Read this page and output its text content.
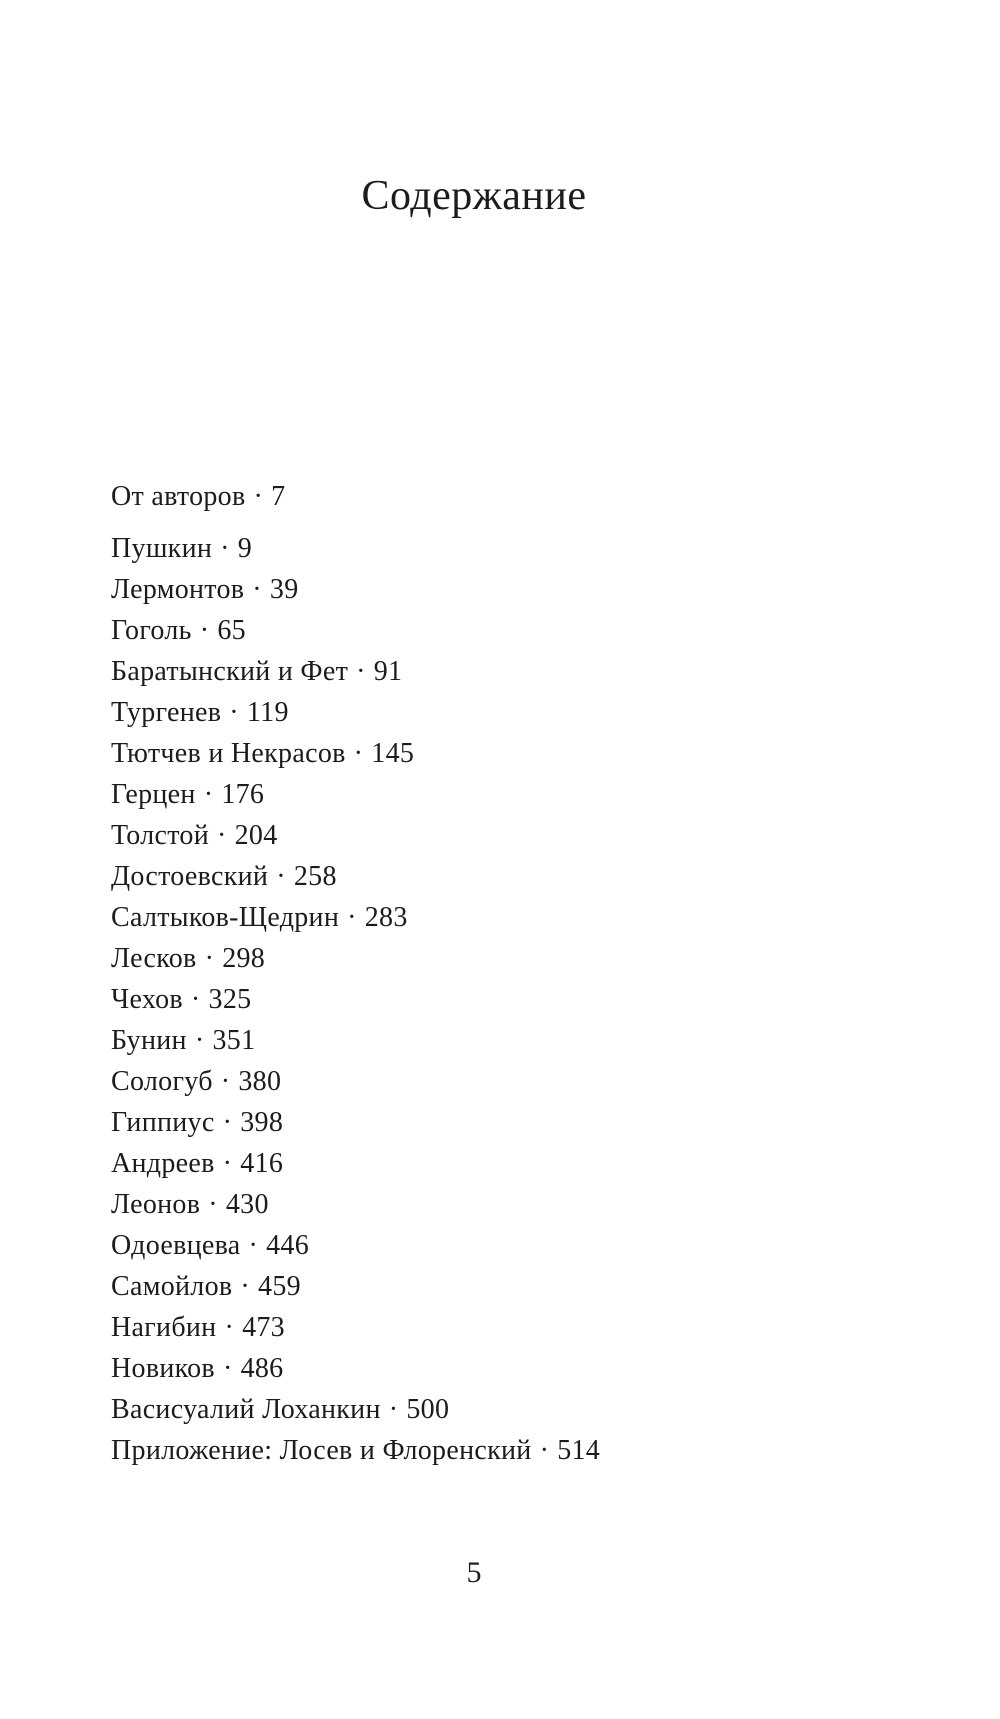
Содержание
От авторов · 7
Пушкин · 9
Лермонтов · 39
Гоголь · 65
Баратынский и Фет · 91
Тургенев · 119
Тютчев и Некрасов · 145
Герцен · 176
Толстой · 204
Достоевский · 258
Салтыков-Щедрин · 283
Лесков · 298
Чехов · 325
Бунин · 351
Сологуб · 380
Гиппиус · 398
Андреев · 416
Леонов · 430
Одоевцева · 446
Самойлов · 459
Нагибин · 473
Новиков · 486
Васисуалий Лоханкин · 500
Приложение: Лосев и Флоренский · 514
5
